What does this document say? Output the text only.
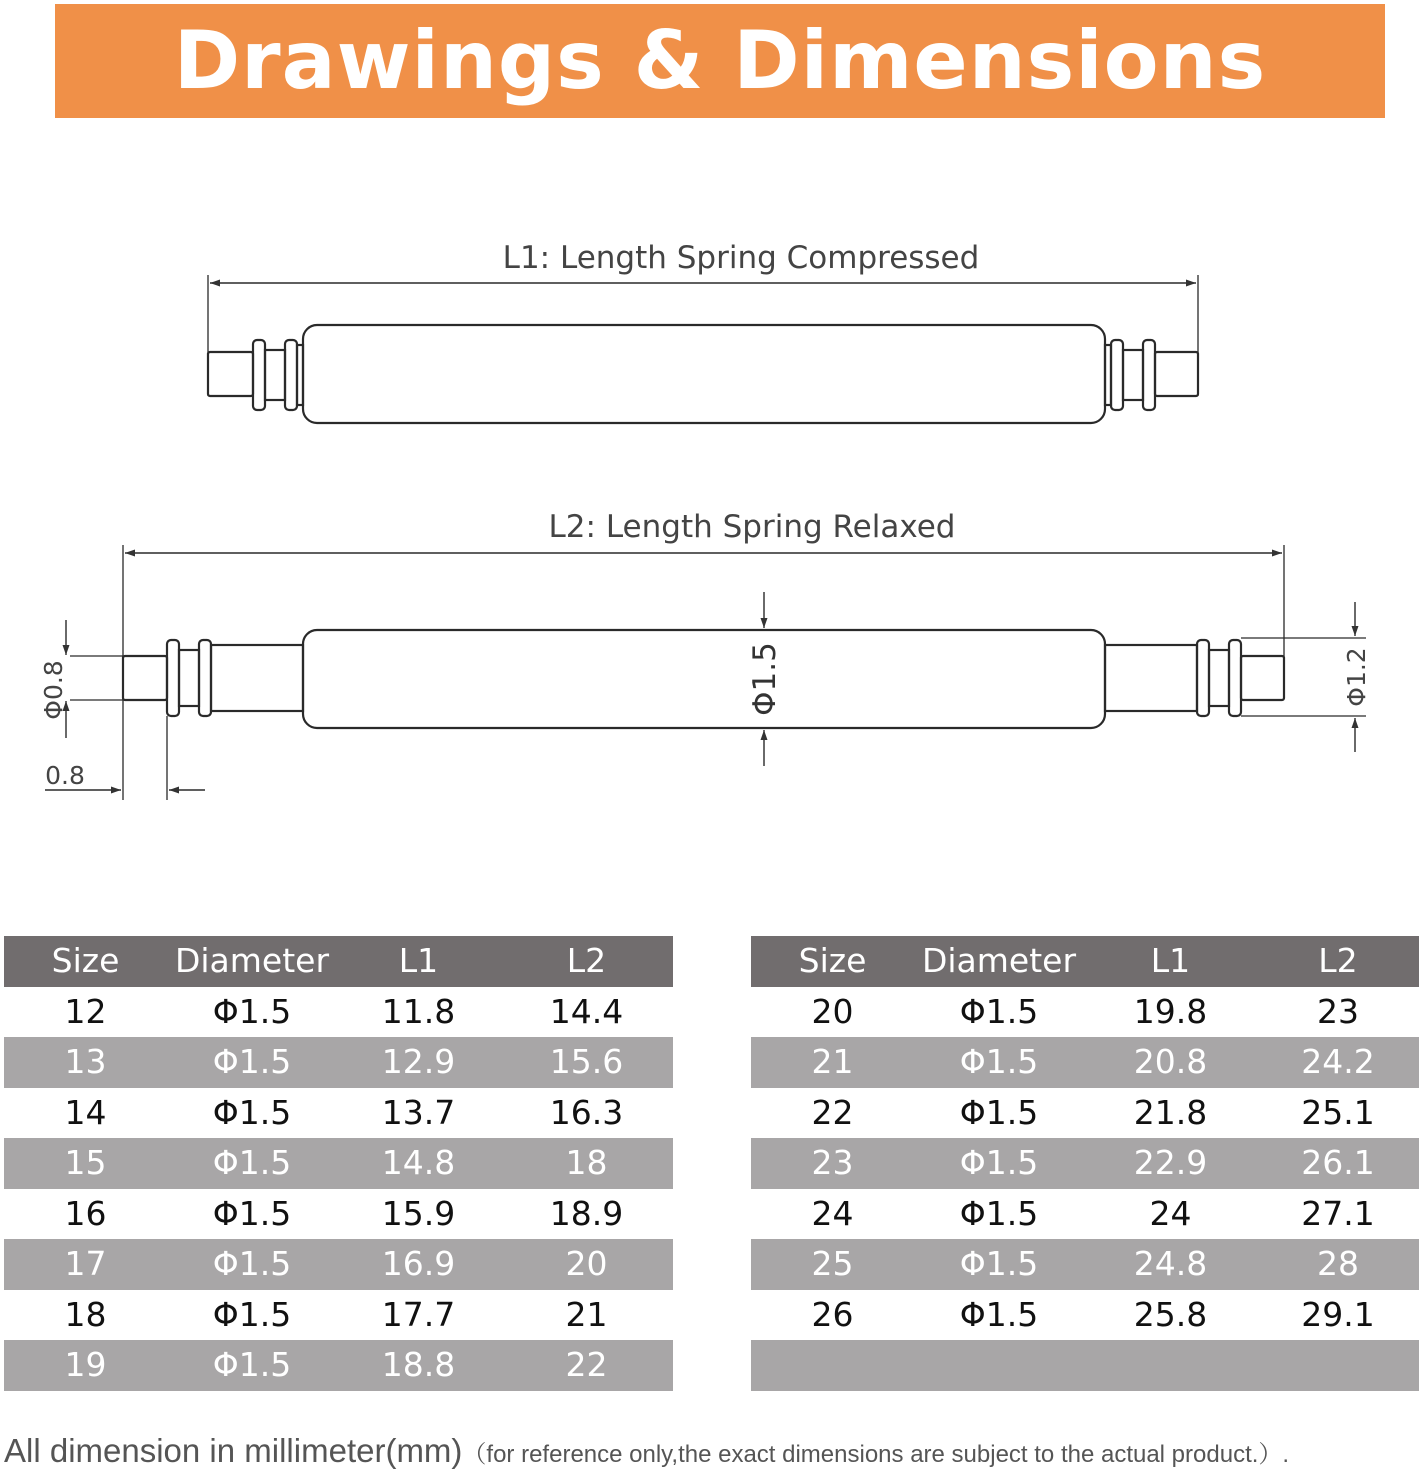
Drawings & Dimensions
L1: Length Spring Compressed
L2: Length Spring Relaxed
Φ0.8
0.8
Φ1.5	Φ1.2
Size	Diameter	L1	L2
12	Φ1.5	11.8	14.4
13	Φ1.5	12.9	15.6
14	Φ1.5	13.7	16.3
15	Φ1.5	14.8	18
16	Φ1.5	15.9	18.9
17	Φ1.5	16.9	20
18	Φ1.5	17.7	21
19	Φ1.5	18.8	22
Size	Diameter	L1	L2
20	Φ1.5	19.8	23
21	Φ1.5	20.8	24.2
22	Φ1.5	21.8	25.1
23	Φ1.5	22.9	26.1
24	Φ1.5	24	27.1
25	Φ1.5	24.8	28
26	Φ1.5	25.8	29.1

All dimension in millimeter(mm)（for reference only,the exact dimensions are subject to the actual product.）.
